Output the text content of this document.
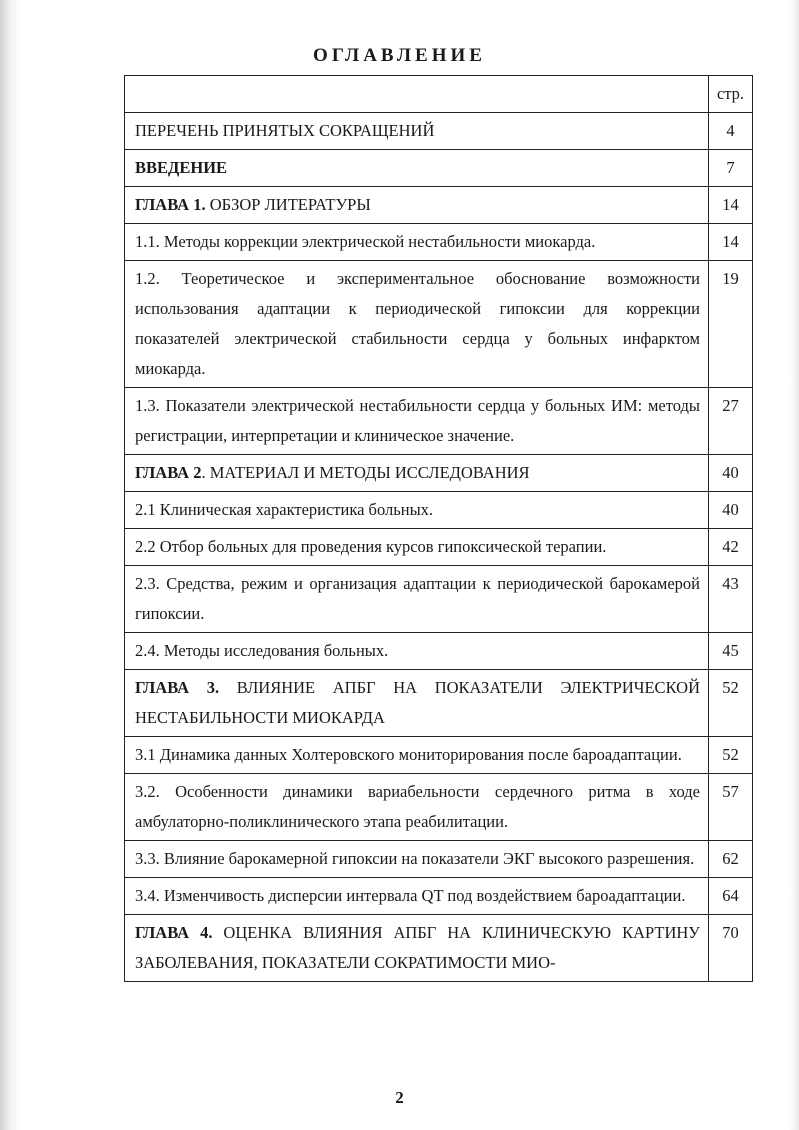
ОГЛАВЛЕНИЕ
	стр.
ПЕРЕЧЕНЬ ПРИНЯТЫХ СОКРАЩЕНИЙ	4
ВВЕДЕНИЕ	7
ГЛАВА 1. ОБЗОР ЛИТЕРАТУРЫ	14
1.1. Методы коррекции электрической нестабильности миокарда.	14
1.2. Теоретическое и экспериментальное обоснование возможности использования адаптации к периодической гипоксии для коррекции показателей электрической стабильности сердца у больных инфарктом миокарда.	19
1.3. Показатели электрической нестабильности сердца у больных ИМ: методы регистрации, интерпретации и клиническое значение.	27
ГЛАВА 2. МАТЕРИАЛ И МЕТОДЫ ИССЛЕДОВАНИЯ	40
2.1 Клиническая характеристика больных.	40
2.2 Отбор больных для проведения курсов гипоксической терапии.	42
2.3. Средства, режим и организация адаптации к периодической барокамерой гипоксии.	43
2.4. Методы исследования больных.	45
ГЛАВА 3. ВЛИЯНИЕ АПБГ НА ПОКАЗАТЕЛИ ЭЛЕКТРИЧЕСКОЙ НЕСТАБИЛЬНОСТИ МИОКАРДА	52
3.1 Динамика данных Холтеровского мониторирования после бароадаптации.	52
3.2. Особенности динамики вариабельности сердечного ритма в ходе амбулаторно-поликлинического этапа реабилитации.	57
3.3. Влияние барокамерной гипоксии на показатели ЭКГ высокого разрешения.	62
3.4. Изменчивость дисперсии интервала QT под воздействием бароадаптации.	64
ГЛАВА 4. ОЦЕНКА ВЛИЯНИЯ АПБГ НА КЛИНИЧЕСКУЮ КАРТИНУ ЗАБОЛЕВАНИЯ, ПОКАЗАТЕЛИ СОКРАТИМОСТИ МИО-	70
2
